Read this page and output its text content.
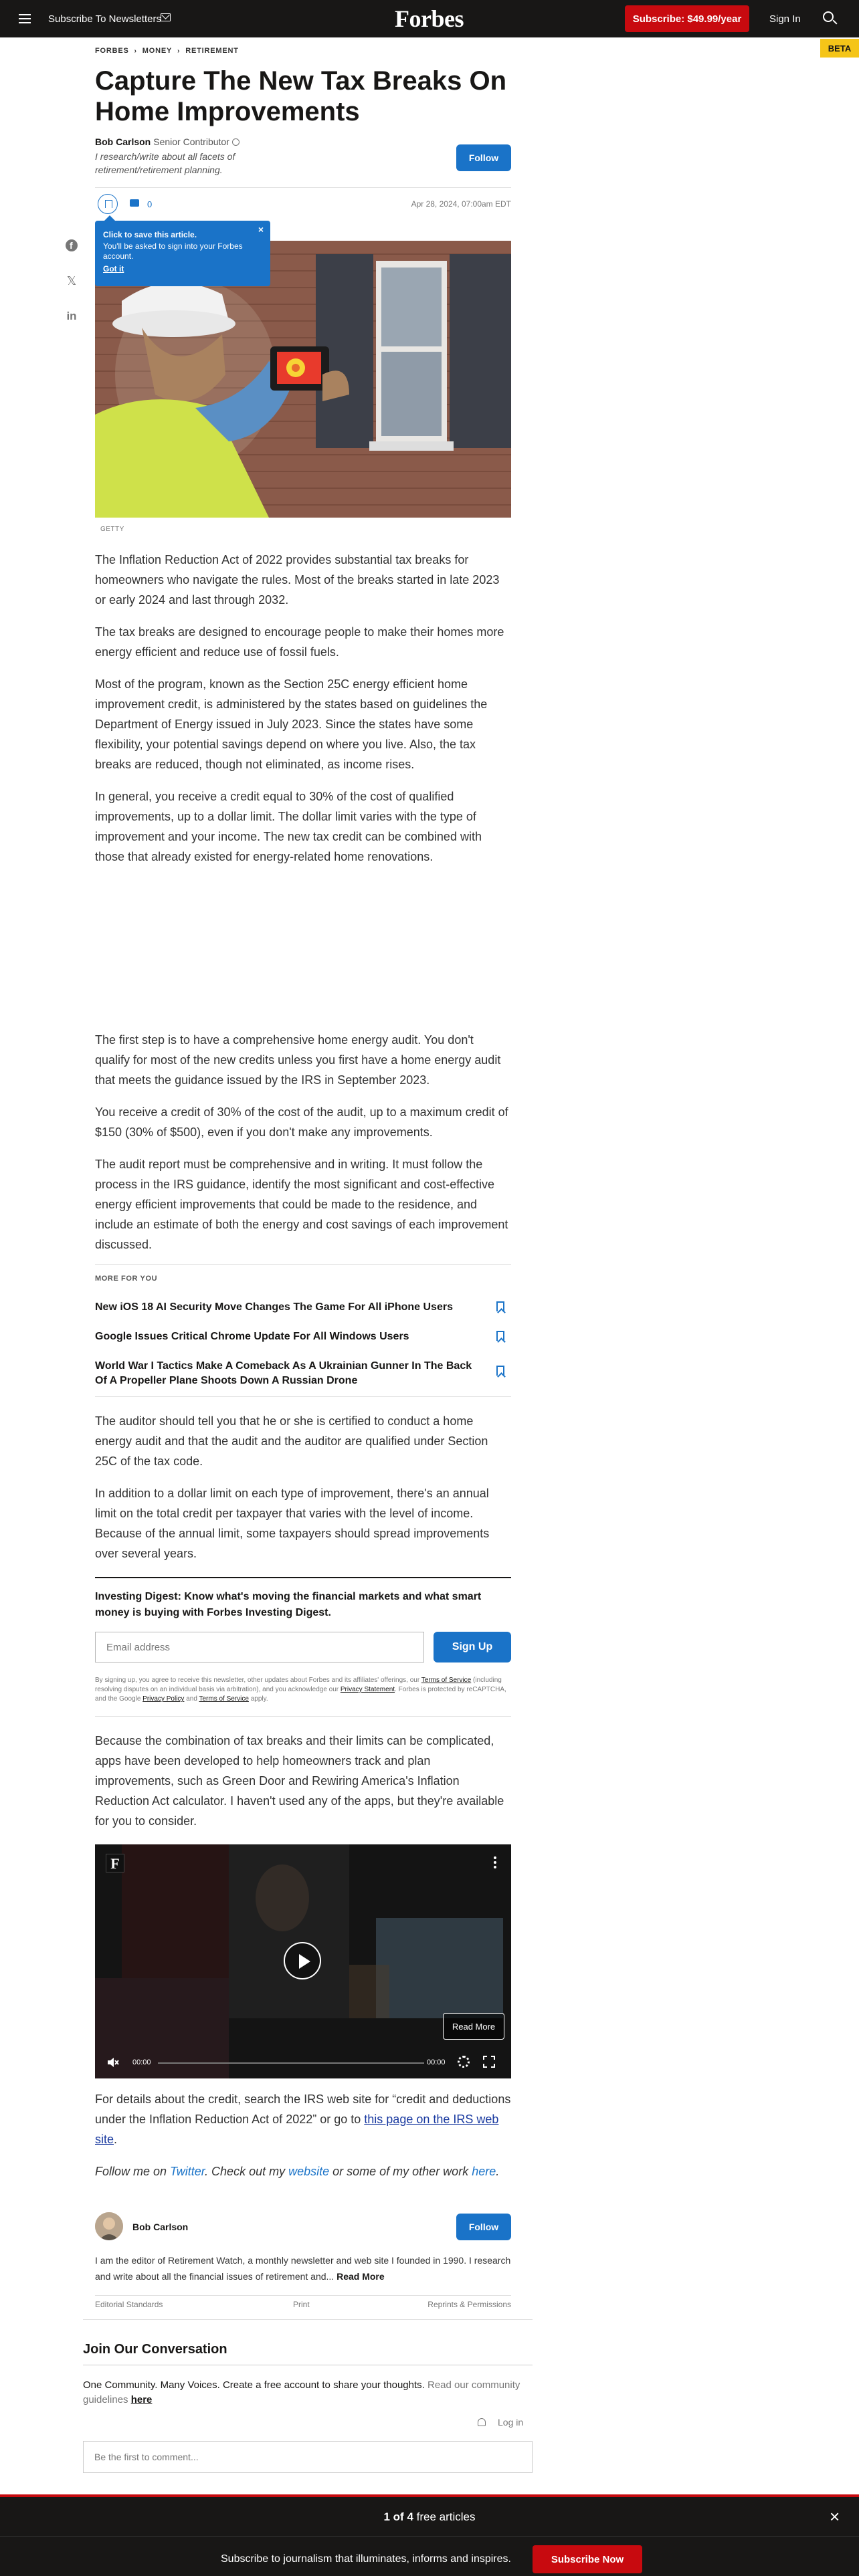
Subscribe To Newsletters	Forbes	Subscribe: $49.99/year	Sign In
BETA
FORBES › MONEY › RETIREMENT
Capture The New Tax Breaks On Home Improvements
Bob Carlson Senior Contributor
I research/write about all facets of retirement/retirement planning.
Follow
0	Apr 28, 2024, 07:00am EDT
×
Click to save this article.
You'll be asked to sign into your Forbes account.
Got it
f
𝕏
in
GETTY

The Inflation Reduction Act of 2022 provides substantial tax breaks for homeowners who navigate the rules. Most of the breaks started in late 2023 or early 2024 and last through 2032.

The tax breaks are designed to encourage people to make their homes more energy efficient and reduce use of fossil fuels.

Most of the program, known as the Section 25C energy efficient home improvement credit, is administered by the states based on guidelines the Department of Energy issued in July 2023. Since the states have some flexibility, your potential savings depend on where you live. Also, the tax breaks are reduced, though not eliminated, as income rises.

In general, you receive a credit equal to 30% of the cost of qualified improvements, up to a dollar limit. The dollar limit varies with the type of improvement and your income. The new tax credit can be combined with those that already existed for energy-related home renovations.

The first step is to have a comprehensive home energy audit. You don't qualify for most of the new credits unless you first have a home energy audit that meets the guidance issued by the IRS in September 2023.

You receive a credit of 30% of the cost of the audit, up to a maximum credit of $150 (30% of $500), even if you don't make any improvements.

The audit report must be comprehensive and in writing. It must follow the process in the IRS guidance, identify the most significant and cost-effective energy efficient improvements that could be made to the residence, and include an estimate of both the energy and cost savings of each improvement discussed.

MORE FOR YOU
New iOS 18 AI Security Move Changes The Game For All iPhone Users
Google Issues Critical Chrome Update For All Windows Users
World War I Tactics Make A Comeback As A Ukrainian Gunner In The Back Of A Propeller Plane Shoots Down A Russian Drone

The auditor should tell you that he or she is certified to conduct a home energy audit and that the audit and the auditor are qualified under Section 25C of the tax code.

In addition to a dollar limit on each type of improvement, there's an annual limit on the total credit per taxpayer that varies with the level of income. Because of the annual limit, some taxpayers should spread improvements over several years.

Investing Digest: Know what's moving the financial markets and what smart money is buying with Forbes Investing Digest.
Email address
Sign Up
By signing up, you agree to receive this newsletter, other updates about Forbes and its affiliates' offerings, our Terms of Service (including resolving disputes on an individual basis via arbitration), and you acknowledge our Privacy Statement. Forbes is protected by reCAPTCHA, and the Google Privacy Policy and Terms of Service apply.

Because the combination of tax breaks and their limits can be complicated, apps have been developed to help homeowners track and plan improvements, such as Green Door and Rewiring America's Inflation Reduction Act calculator. I haven't used any of the apps, but they're available for you to consider.

F
Read More
00:00	00:00

For details about the credit, search the IRS web site for “credit and deductions under the Inflation Reduction Act of 2022” or go to this page on the IRS web site.

Follow me on Twitter. Check out my website or some of my other work here.

Bob Carlson	Follow
I am the editor of Retirement Watch, a monthly newsletter and web site I founded in 1990. I research and write about all the financial issues of retirement and... Read More
Editorial Standards	Print	Reprints & Permissions
Join Our Conversation
One Community. Many Voices. Create a free account to share your thoughts. Read our community guidelines here
Log in
Be the first to comment...
1 of 4 free articles	×
Subscribe to journalism that illuminates, informs and inspires.	Subscribe Now
